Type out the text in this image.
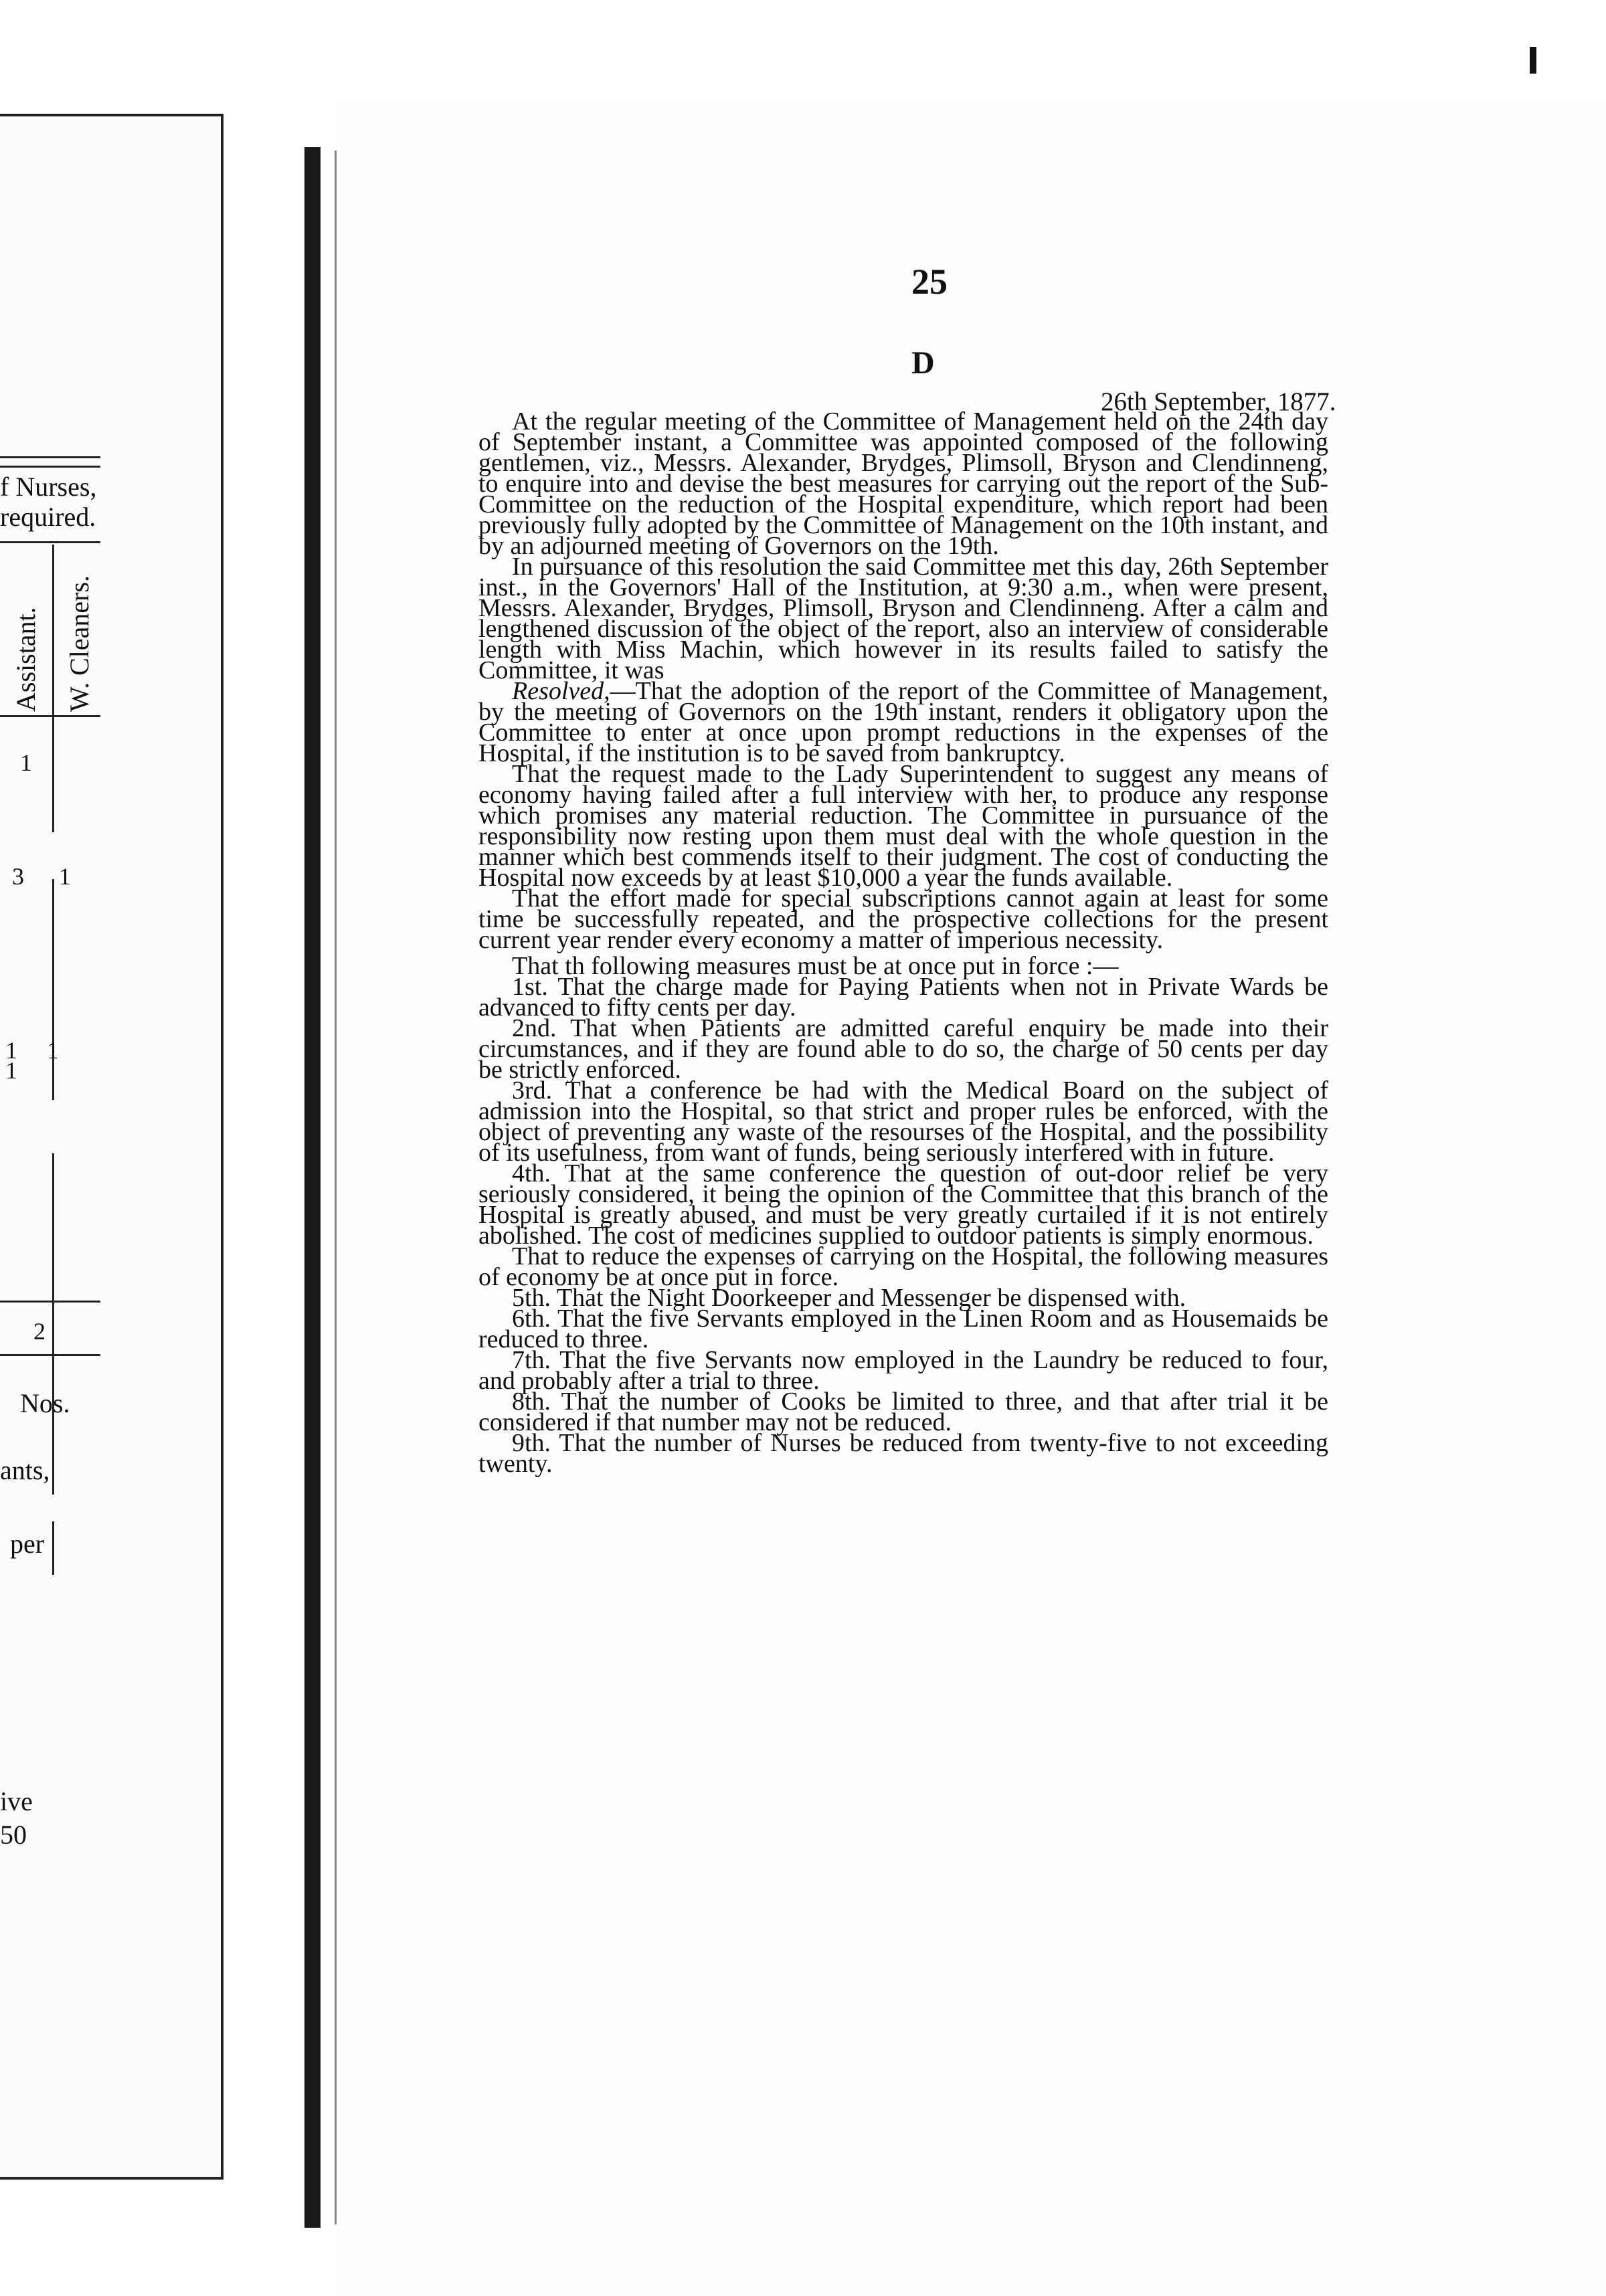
f Nurses,
required.
Assistant. W. Cleaners.
1
3 1
1 1
1
2
Nos.
ants,
per
ive
50
25
D
26th September, 1877.

At the regular meeting of the Committee of Management held on the 24th day of September instant, a Committee was appointed composed of the following gentlemen, viz., Messrs. Alexander, Brydges, Plimsoll, Bryson and Clendinneng, to enquire into and devise the best measures for carrying out the report of the Sub-Committee on the reduction of the Hospital expenditure, which report had been previously fully adopted by the Committee of Management on the 10th instant, and by an adjourned meeting of Governors on the 19th.

In pursuance of this resolution the said Committee met this day, 26th September inst., in the Governors' Hall of the Institution, at 9:30 a.m., when were present, Messrs. Alexander, Brydges, Plimsoll, Bryson and Clendinneng. After a calm and lengthened discussion of the object of the report, also an interview of considerable length with Miss Machin, which however in its results failed to satisfy the Committee, it was

Resolved,—That the adoption of the report of the Committee of Management, by the meeting of Governors on the 19th instant, renders it obligatory upon the Committee to enter at once upon prompt reductions in the expenses of the Hospital, if the institution is to be saved from bankruptcy.

That the request made to the Lady Superintendent to suggest any means of economy having failed after a full interview with her, to produce any response which promises any material reduction. The Committee in pursuance of the responsibility now resting upon them must deal with the whole question in the manner which best commends itself to their judgment. The cost of conducting the Hospital now exceeds by at least $10,000 a year the funds available.

That the effort made for special subscriptions cannot again at least for some time be successfully repeated, and the prospective collections for the present current year render every economy a matter of imperious necessity.

That th following measures must be at once put in force :—

1st. That the charge made for Paying Patients when not in Private Wards be advanced to fifty cents per day.

2nd. That when Patients are admitted careful enquiry be made into their circumstances, and if they are found able to do so, the charge of 50 cents per day be strictly enforced.

3rd. That a conference be had with the Medical Board on the subject of admission into the Hospital, so that strict and proper rules be enforced, with the object of preventing any waste of the resourses of the Hospital, and the possibility of its usefulness, from want of funds, being seriously interfered with in future.

4th. That at the same conference the question of out-door relief be very seriously considered, it being the opinion of the Committee that this branch of the Hospital is greatly abused, and must be very greatly curtailed if it is not entirely abolished. The cost of medicines supplied to outdoor patients is simply enormous.

That to reduce the expenses of carrying on the Hospital, the following measures of economy be at once put in force.

5th. That the Night Doorkeeper and Messenger be dispensed with.

6th. That the five Servants employed in the Linen Room and as Housemaids be reduced to three.

7th. That the five Servants now employed in the Laundry be reduced to four, and probably after a trial to three.

8th. That the number of Cooks be limited to three, and that after trial it be considered if that number may not be reduced.

9th. That the number of Nurses be reduced from twenty-five to not exceeding twenty.
